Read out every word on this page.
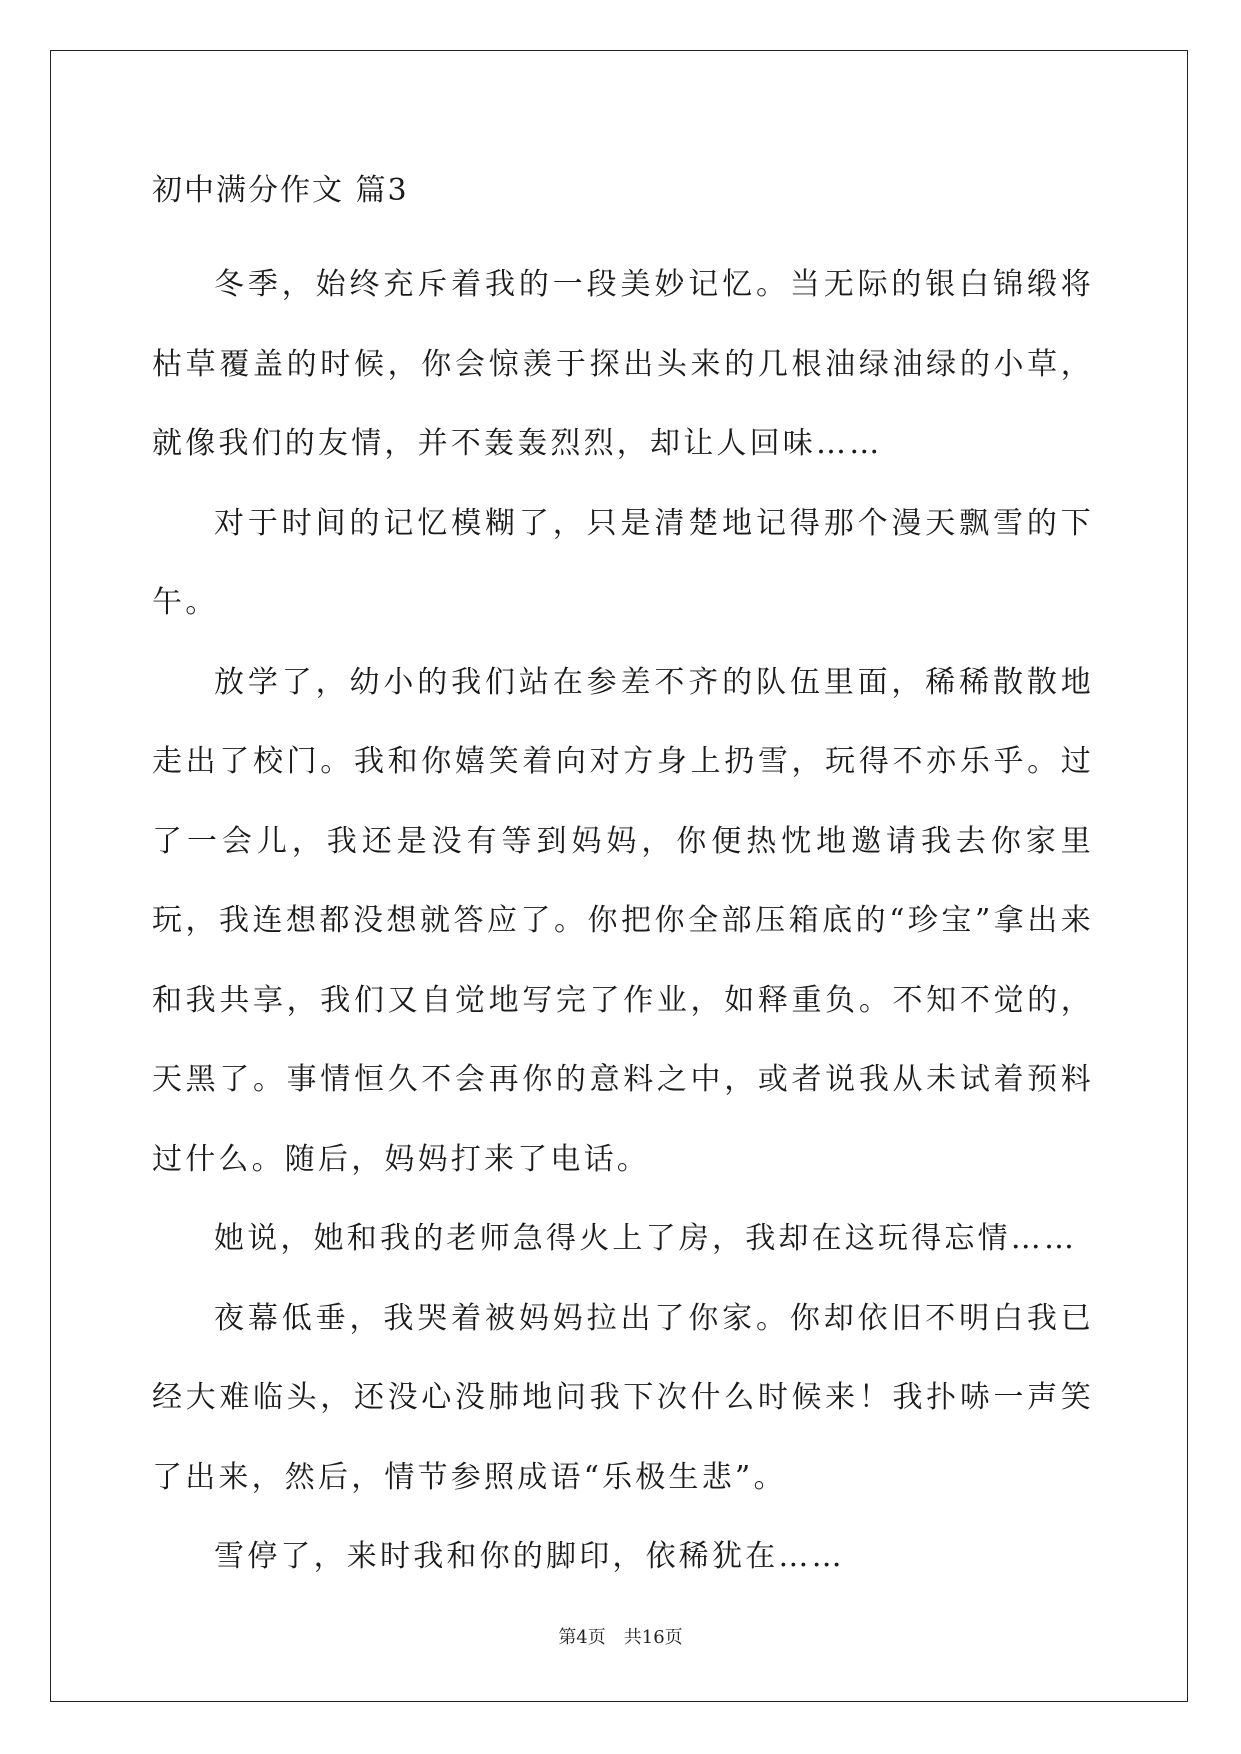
初中满分作文 篇3

冬季，始终充斥着我的一段美妙记忆。当无际的银白锦缎将枯草覆盖的时候，你会惊羡于探出头来的几根油绿油绿的小草，就像我们的友情，并不轰轰烈烈，却让人回味……

对于时间的记忆模糊了，只是清楚地记得那个漫天飘雪的下午。

放学了，幼小的我们站在参差不齐的队伍里面，稀稀散散地走出了校门。我和你嬉笑着向对方身上扔雪，玩得不亦乐乎。过了一会儿，我还是没有等到妈妈，你便热忱地邀请我去你家里玩，我连想都没想就答应了。你把你全部压箱底的“珍宝”拿出来和我共享，我们又自觉地写完了作业，如释重负。不知不觉的，天黑了。事情恒久不会再你的意料之中，或者说我从未试着预料过什么。随后，妈妈打来了电话。

她说，她和我的老师急得火上了房，我却在这玩得忘情……

夜幕低垂，我哭着被妈妈拉出了你家。你却依旧不明白我已经大难临头，还没心没肺地问我下次什么时候来！我扑哧一声笑了出来，然后，情节参照成语“乐极生悲”。

雪停了，来时我和你的脚印，依稀犹在……

第4页 共16页
